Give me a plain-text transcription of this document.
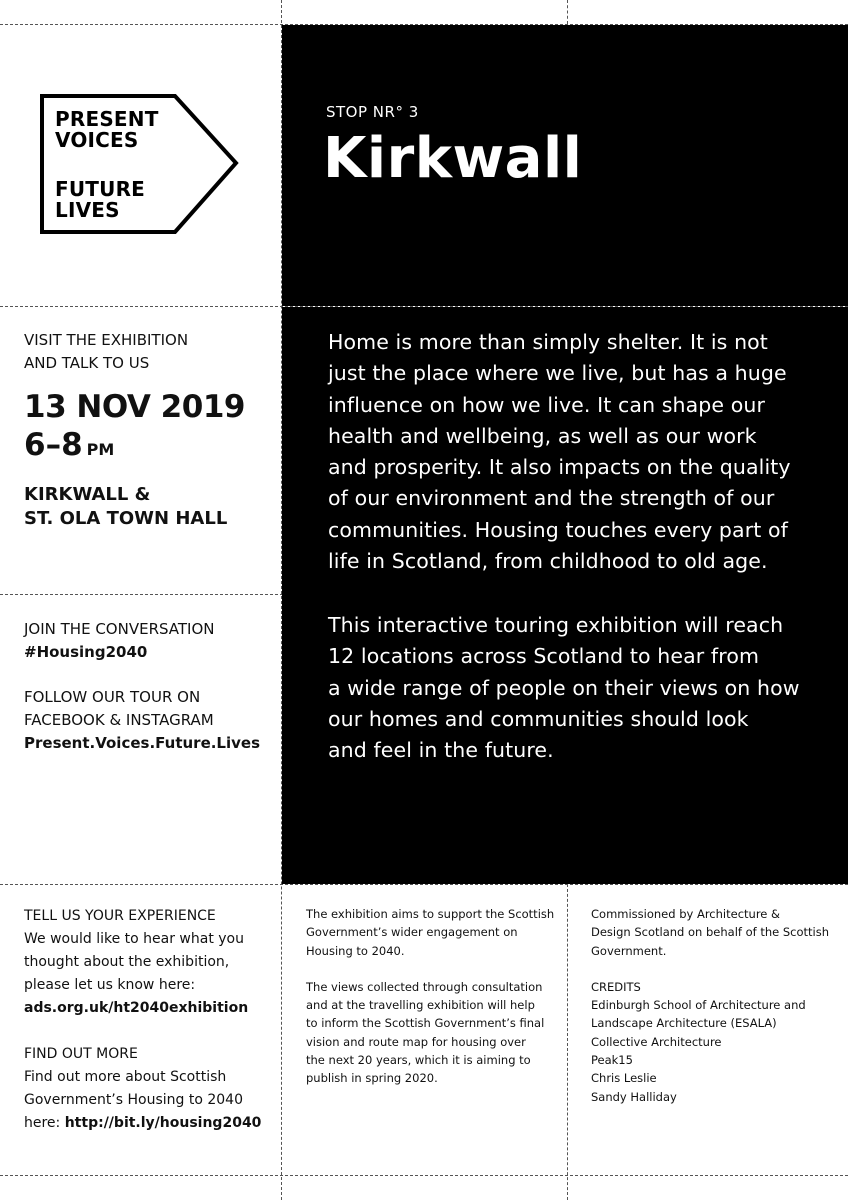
PRESENT
VOICES
FUTURE
LIVES
STOP NR° 3
Kirkwall
VISIT THE EXHIBITION
AND TALK TO US
13 NOV 2019
6–8 PM
KIRKWALL &
ST. OLA TOWN HALL
JOIN THE CONVERSATION
#Housing2040
FOLLOW OUR TOUR ON
FACEBOOK & INSTAGRAM
Present.Voices.Future.Lives
Home is more than simply shelter. It is not
just the place where we live, but has a huge
influence on how we live. It can shape our
health and wellbeing, as well as our work
and prosperity. It also impacts on the quality
of our environment and the strength of our
communities. Housing touches every part of
life in Scotland, from childhood to old age.
This interactive touring exhibition will reach
12 locations across Scotland to hear from
a wide range of people on their views on how
our homes and communities should look
and feel in the future.
TELL US YOUR EXPERIENCE
We would like to hear what you
thought about the exhibition,
please let us know here:
ads.org.uk/ht2040exhibition
FIND OUT MORE
Find out more about Scottish
Government’s Housing to 2040
here: http://bit.ly/housing2040
The exhibition aims to support the Scottish
Government’s wider engagement on
Housing to 2040.
The views collected through consultation
and at the travelling exhibition will help
to inform the Scottish Government’s final
vision and route map for housing over
the next 20 years, which it is aiming to
publish in spring 2020.
Commissioned by Architecture &
Design Scotland on behalf of the Scottish
Government.
CREDITS
Edinburgh School of Architecture and
Landscape Architecture (ESALA)
Collective Architecture
Peak15
Chris Leslie
Sandy Halliday
